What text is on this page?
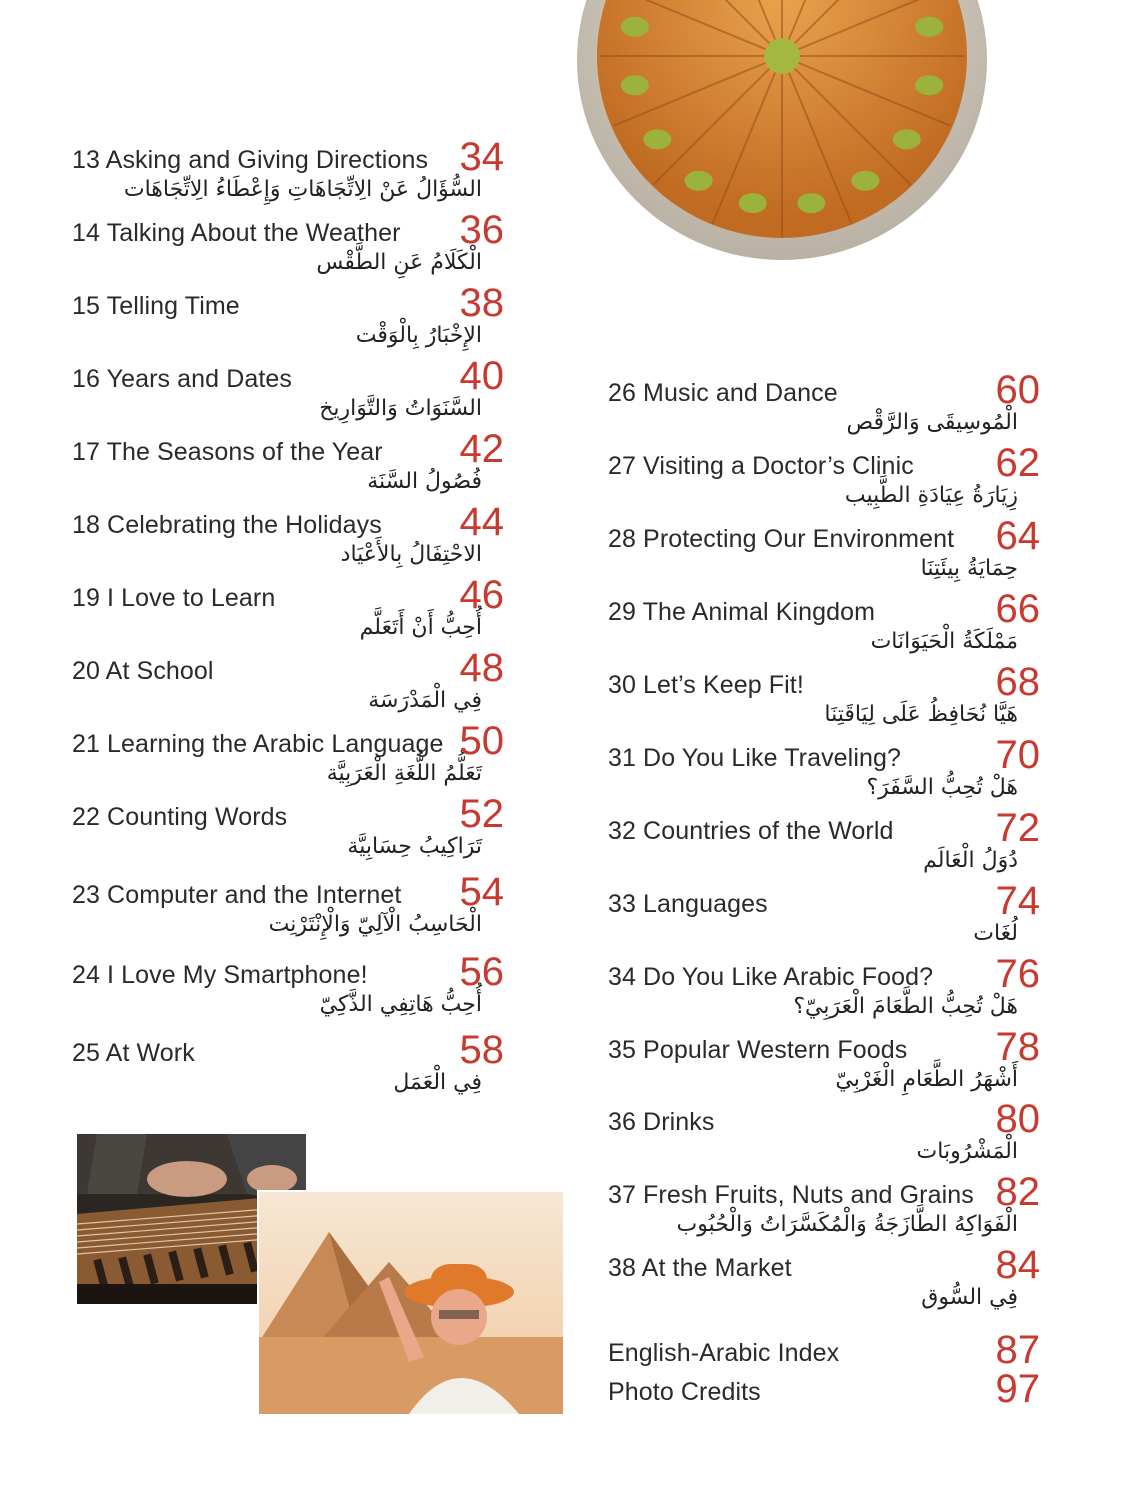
13 Asking and Giving Directions
السُّؤَالُ عَنْ الِاتِّجَاهَاتِ وَإِعْطَاءُ الِاتِّجَاهَات
34
14 Talking About the Weather
الْكَلَامُ عَنِ الطَّقْس
36
15 Telling Time
الإِخْبَارُ بِالْوَقْت
38
16 Years and Dates
السَّنَوَاتُ وَالتَّوَارِيخ
40
17 The Seasons of the Year
فُصُولُ السَّنَة
42
18 Celebrating the Holidays
الاحْتِفَالُ بِالأَعْيَاد
44
19 I Love to Learn
أُحِبُّ أَنْ أَتَعَلَّم
46
20 At School
فِي الْمَدْرَسَة
48
21 Learning the Arabic Language
تَعَلُّمُ اللُّغَةِ الْعَرَبِيَّة
50
22 Counting Words
تَرَاكِيبُ حِسَابِيَّة
52
23 Computer and the Internet
الْحَاسِبُ الْآلِيّ وَالْإِنْتَرْنِت
54
24 I Love My Smartphone!
أُحِبُّ هَاتِفِي الذَّكِيّ
56
25 At Work
فِي الْعَمَل
58
26 Music and Dance
الْمُوسِيقَى وَالرَّقْص
60
27 Visiting a Doctor’s Clinic
زِيَارَةُ عِيَادَةِ الطَّبِيب
62
28 Protecting Our Environment
حِمَايَةُ بِيئَتِنَا
64
29 The Animal Kingdom
مَمْلَكَةُ الْحَيَوَانَات
66
30 Let’s Keep Fit!
هَيَّا نُحَافِظُ عَلَى لِيَاقَتِنَا
68
31 Do You Like Traveling?
هَلْ تُحِبُّ السَّفَرَ؟
70
32 Countries of the World
دُوَلُ الْعَالَم
72
33 Languages
لُغَات
74
34 Do You Like Arabic Food?
هَلْ تُحِبُّ الطَّعَامَ الْعَرَبِيّ؟
76
35 Popular Western Foods
أَشْهَرُ الطَّعَامِ الْغَرْبِيّ
78
36 Drinks
الْمَشْرُوبَات
80
37 Fresh Fruits, Nuts and Grains
الْفَوَاكِهُ الطَّازَجَةُ وَالْمُكَسَّرَاتُ وَالْحُبُوب
82
38 At the Market
فِي السُّوق
84
English-Arabic Index	87
Photo Credits	97
